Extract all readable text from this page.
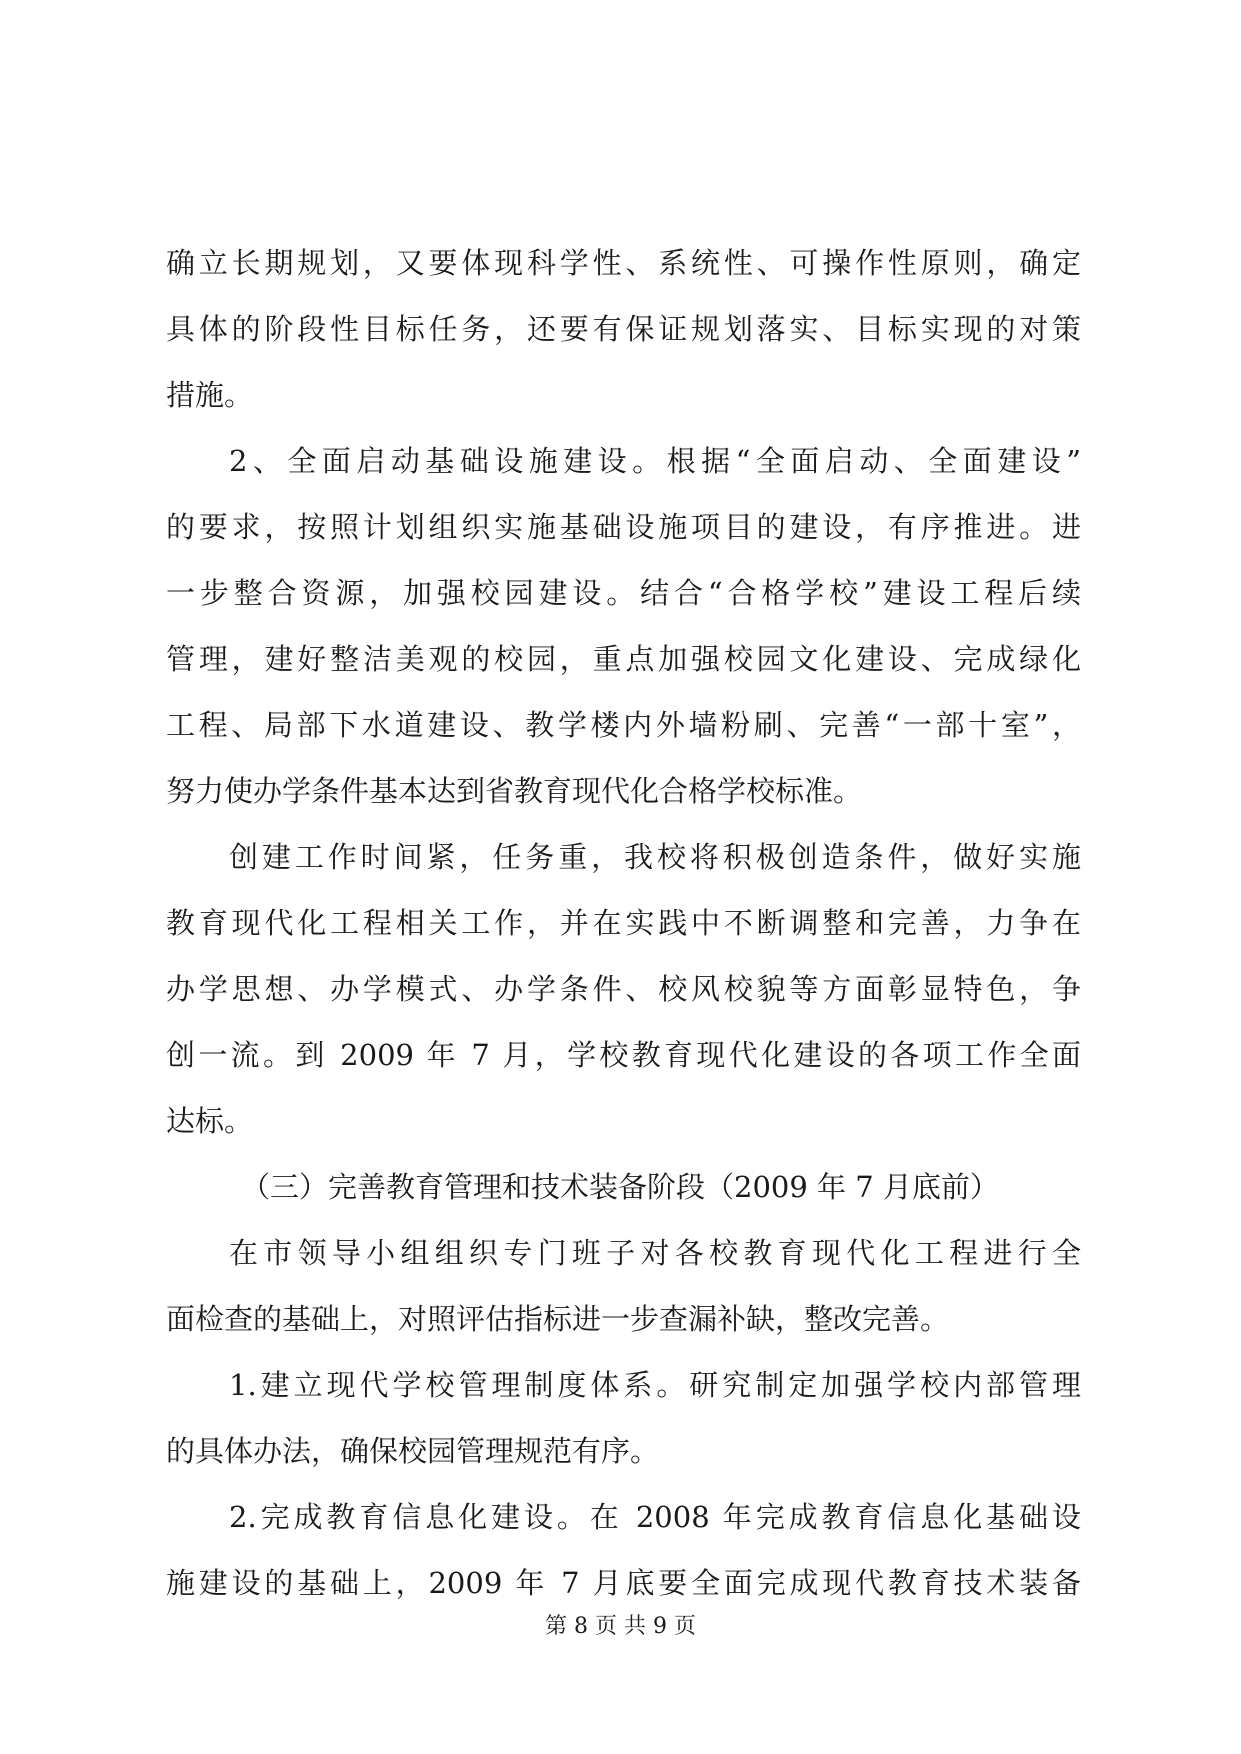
确立长期规划，又要体现科学性、系统性、可操作性原则，确定
具体的阶段性目标任务，还要有保证规划落实、目标实现的对策
措施。
2、全面启动基础设施建设。根据“全面启动、全面建设”
的要求，按照计划组织实施基础设施项目的建设，有序推进。进
一步整合资源，加强校园建设。结合“合格学校”建设工程后续
管理，建好整洁美观的校园，重点加强校园文化建设、完成绿化
工程、局部下水道建设、教学楼内外墙粉刷、完善“一部十室”，
努力使办学条件基本达到省教育现代化合格学校标准。
创建工作时间紧，任务重，我校将积极创造条件，做好实施
教育现代化工程相关工作，并在实践中不断调整和完善，力争在
办学思想、办学模式、办学条件、校风校貌等方面彰显特色，争
创一流。到 2009 年 7 月，学校教育现代化建设的各项工作全面
达标。
（三）完善教育管理和技术装备阶段（2009 年 7 月底前）
在市领导小组组织专门班子对各校教育现代化工程进行全
面检查的基础上，对照评估指标进一步查漏补缺，整改完善。
1.建立现代学校管理制度体系。研究制定加强学校内部管理
的具体办法，确保校园管理规范有序。
2.完成教育信息化建设。在 2008 年完成教育信息化基础设
施建设的基础上，2009 年 7 月底要全面完成现代教育技术装备
第 8 页 共 9 页
